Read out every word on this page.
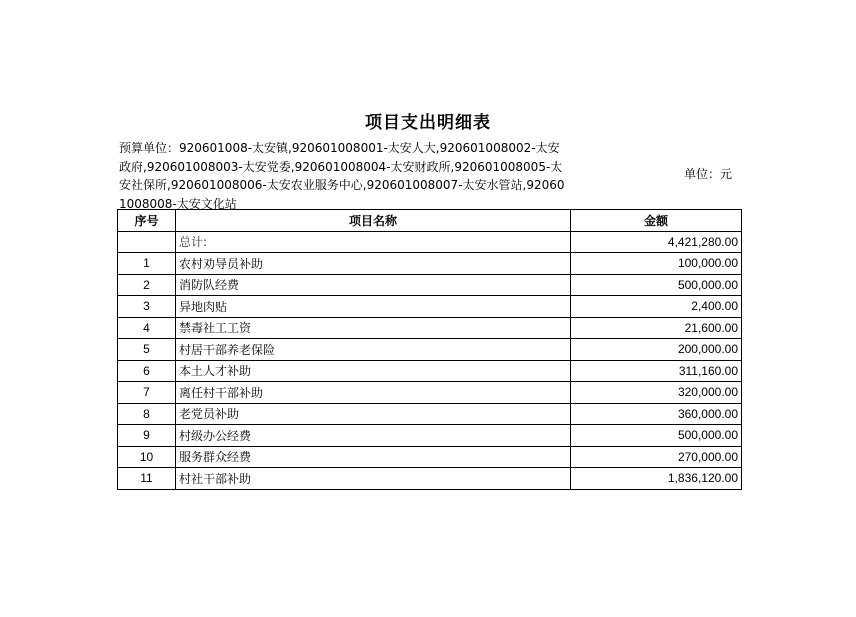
项目支出明细表
预算单位：920601008-太安镇,920601008001-太安人大,920601008002-太安政府,920601008003-太安党委,920601008004-太安财政所,920601008005-太安社保所,920601008006-太安农业服务中心,920601008007-太安水管站,920601008008-太安文化站
单位：元
序号	项目名称	金额
	总计:	4,421,280.00
1	农村劝导员补助	100,000.00
2	消防队经费	500,000.00
3	异地肉贴	2,400.00
4	禁毒社工工资	21,600.00
5	村居干部养老保险	200,000.00
6	本土人才补助	311,160.00
7	离任村干部补助	320,000.00
8	老党员补助	360,000.00
9	村级办公经费	500,000.00
10	服务群众经费	270,000.00
11	村社干部补助	1,836,120.00
